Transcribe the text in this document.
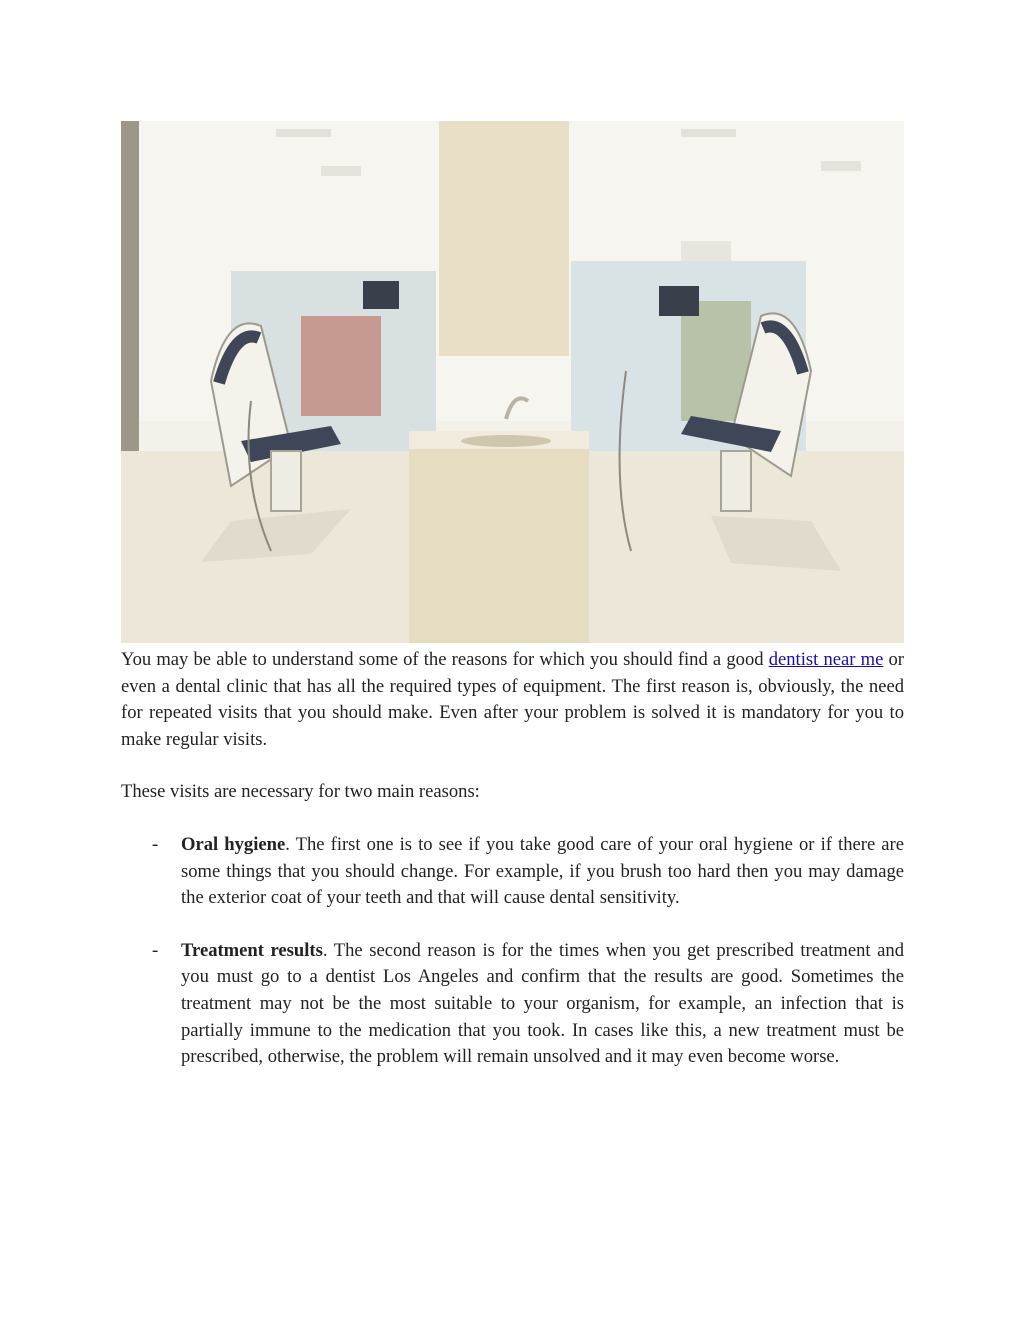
You may be able to understand some of the reasons for which you should find a good dentist near me or even a dental clinic that has all the required types of equipment. The first reason is, obviously, the need for repeated visits that you should make. Even after your problem is solved it is mandatory for you to make regular visits.

These visits are necessary for two main reasons:

- Oral hygiene. The first one is to see if you take good care of your oral hygiene or if there are some things that you should change. For example, if you brush too hard then you may damage the exterior coat of your teeth and that will cause dental sensitivity.
- Treatment results. The second reason is for the times when you get prescribed treatment and you must go to a dentist Los Angeles and confirm that the results are good. Sometimes the treatment may not be the most suitable to your organism, for example, an infection that is partially immune to the medication that you took. In cases like this, a new treatment must be prescribed, otherwise, the problem will remain unsolved and it may even become worse.
